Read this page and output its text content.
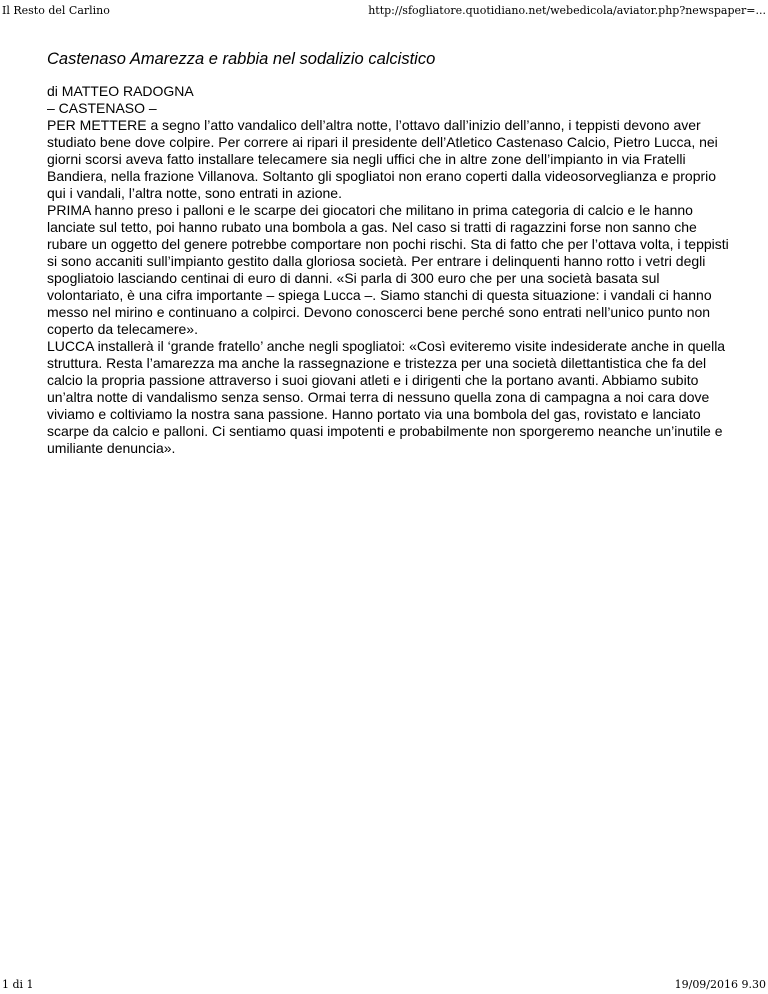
Il Resto del Carlino	http://sfogliatore.quotidiano.net/webedicola/aviator.php?newspaper=...
Castenaso Amarezza e rabbia nel sodalizio calcistico

di MATTEO RADOGNA

– CASTENASO –

PER METTERE a segno l’atto vandalico dell’altra notte, l’ottavo dall’inizio dell’anno, i teppisti devono aver studiato bene dove colpire. Per correre ai ripari il presidente dell’Atletico Castenaso Calcio, Pietro Lucca, nei giorni scorsi aveva fatto installare telecamere sia negli uffici che in altre zone dell’impianto in via Fratelli Bandiera, nella frazione Villanova. Soltanto gli spogliatoi non erano coperti dalla videosorveglianza e proprio qui i vandali, l’altra notte, sono entrati in azione.

PRIMA hanno preso i palloni e le scarpe dei giocatori che militano in prima categoria di calcio e le hanno lanciate sul tetto, poi hanno rubato una bombola a gas. Nel caso si tratti di ragazzini forse non sanno che rubare un oggetto del genere potrebbe comportare non pochi rischi. Sta di fatto che per l’ottava volta, i teppisti si sono accaniti sull’impianto gestito dalla gloriosa società. Per entrare i delinquenti hanno rotto i vetri degli spogliatoio lasciando centinai di euro di danni. «Si parla di 300 euro che per una società basata sul volontariato, è una cifra importante – spiega Lucca –. Siamo stanchi di questa situazione: i vandali ci hanno messo nel mirino e continuano a colpirci. Devono conoscerci bene perché sono entrati nell’unico punto non coperto da telecamere».

LUCCA installerà il ‘grande fratello’ anche negli spogliatoi: «Così eviteremo visite indesiderate anche in quella struttura. Resta l’amarezza ma anche la rassegnazione e tristezza per una società dilettantistica che fa del calcio la propria passione attraverso i suoi giovani atleti e i dirigenti che la portano avanti. Abbiamo subito un’altra notte di vandalismo senza senso. Ormai terra di nessuno quella zona di campagna a noi cara dove viviamo e coltiviamo la nostra sana passione. Hanno portato via una bombola del gas, rovistato e lanciato scarpe da calcio e palloni. Ci sentiamo quasi impotenti e probabilmente non sporgeremo neanche un’inutile e umiliante denuncia».

1 di 1	19/09/2016 9.30
